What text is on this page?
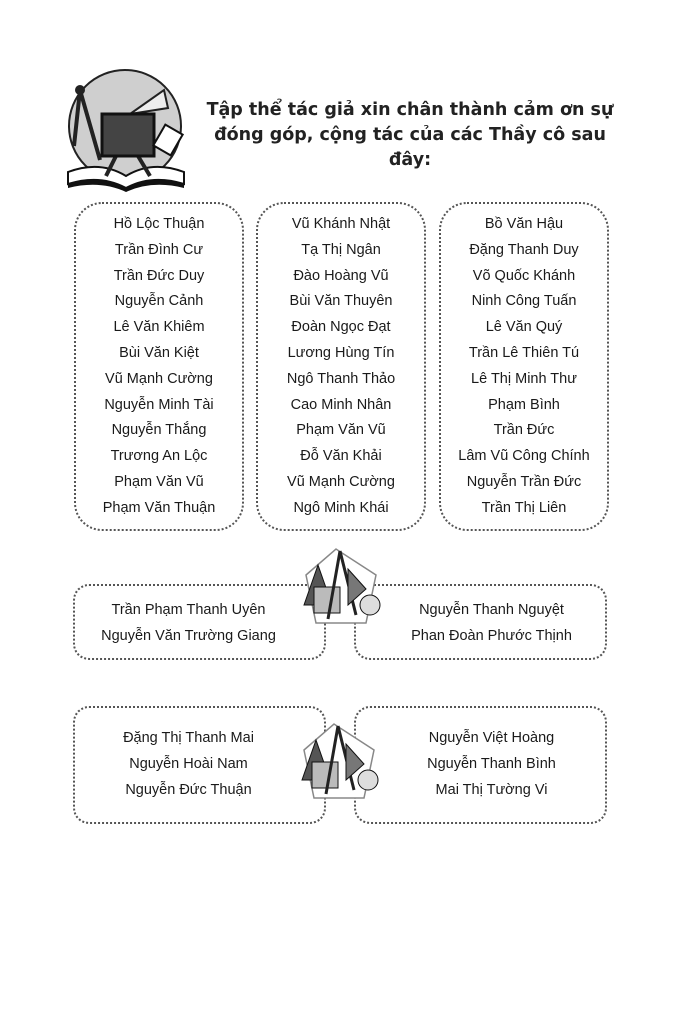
Tập thể tác giả xin chân thành cảm ơn sự
đóng góp, cộng tác của các Thầy cô sau đây:
Hồ Lộc Thuận
Trần Đình Cư
Trần Đức Duy
Nguyễn Cảnh
Lê Văn Khiêm
Bùi Văn Kiệt
Vũ Mạnh Cường
Nguyễn Minh Tài
Nguyễn Thắng
Trương An Lộc
Phạm Văn Vũ
Phạm Văn Thuận
Vũ Khánh Nhật
Tạ Thị Ngân
Đào Hoàng Vũ
Bùi Văn Thuyên
Đoàn Ngọc Đạt
Lương Hùng Tín
Ngô Thanh Thảo
Cao Minh Nhân
Phạm Văn Vũ
Đỗ Văn Khải
Vũ Mạnh Cường
Ngô Minh Khái
Bồ Văn Hậu
Đặng Thanh Duy
Võ Quốc Khánh
Ninh Công Tuấn
Lê Văn Quý
Trần Lê Thiên Tú
Lê Thị Minh Thư
Phạm Bình
Trần Đức
Lâm Vũ Công Chính
Nguyễn Trần Đức
Trần Thị Liên
Trần Phạm Thanh Uyên
Nguyễn Văn Trường Giang
Nguyễn Thanh Nguyệt
Phan Đoàn Phước Thịnh
Đặng Thị Thanh Mai
Nguyễn Hoài Nam
Nguyễn Đức Thuận
Nguyễn Việt Hoàng
Nguyễn Thanh Bình
Mai Thị Tường Vi
